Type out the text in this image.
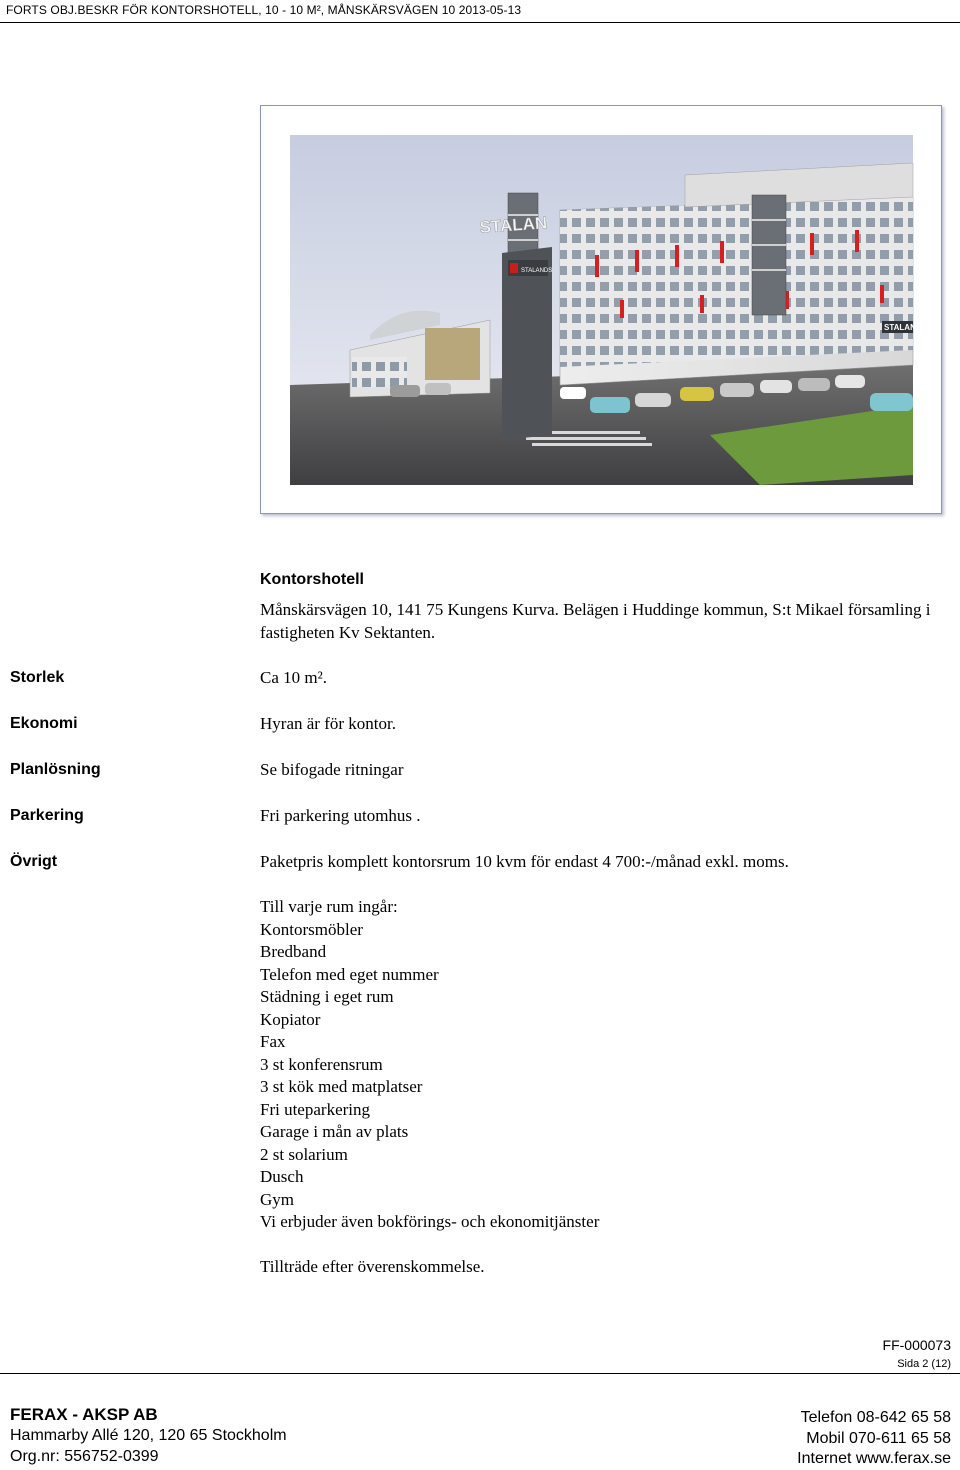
FORTS OBJ.BESKR FÖR KONTORSHOTELL, 10 - 10 M², MÅNSKÄRSVÄGEN 10 2013-05-13
STALAN
STALANDS
STALANDS
Kontorshotell
Månskärsvägen 10, 141 75 Kungens Kurva. Belägen i Huddinge kommun, S:t Mikael församling i fastigheten Kv Sektanten.
Storlek	Ca 10 m².
Ekonomi	Hyran är för kontor.
Planlösning	Se bifogade ritningar
Parkering	Fri parkering utomhus .
Övrigt	Paketpris komplett kontorsrum 10 kvm för endast 4 700:-/månad exkl. moms.
Till varje rum ingår:
Kontorsmöbler
Bredband
Telefon med eget nummer
Städning i eget rum
Kopiator
Fax
3 st konferensrum
3 st kök med matplatser
Fri uteparkering
Garage i mån av plats
2 st solarium
Dusch
Gym
Vi erbjuder även bokförings- och ekonomitjänster
Tillträde efter överenskommelse.
FF-000073
Sida 2 (12)
FERAX - AKSP AB
Hammarby Allé 120, 120 65 Stockholm
Org.nr: 556752-0399
Telefon 08-642 65 58
Mobil 070-611 65 58
Internet www.ferax.se
